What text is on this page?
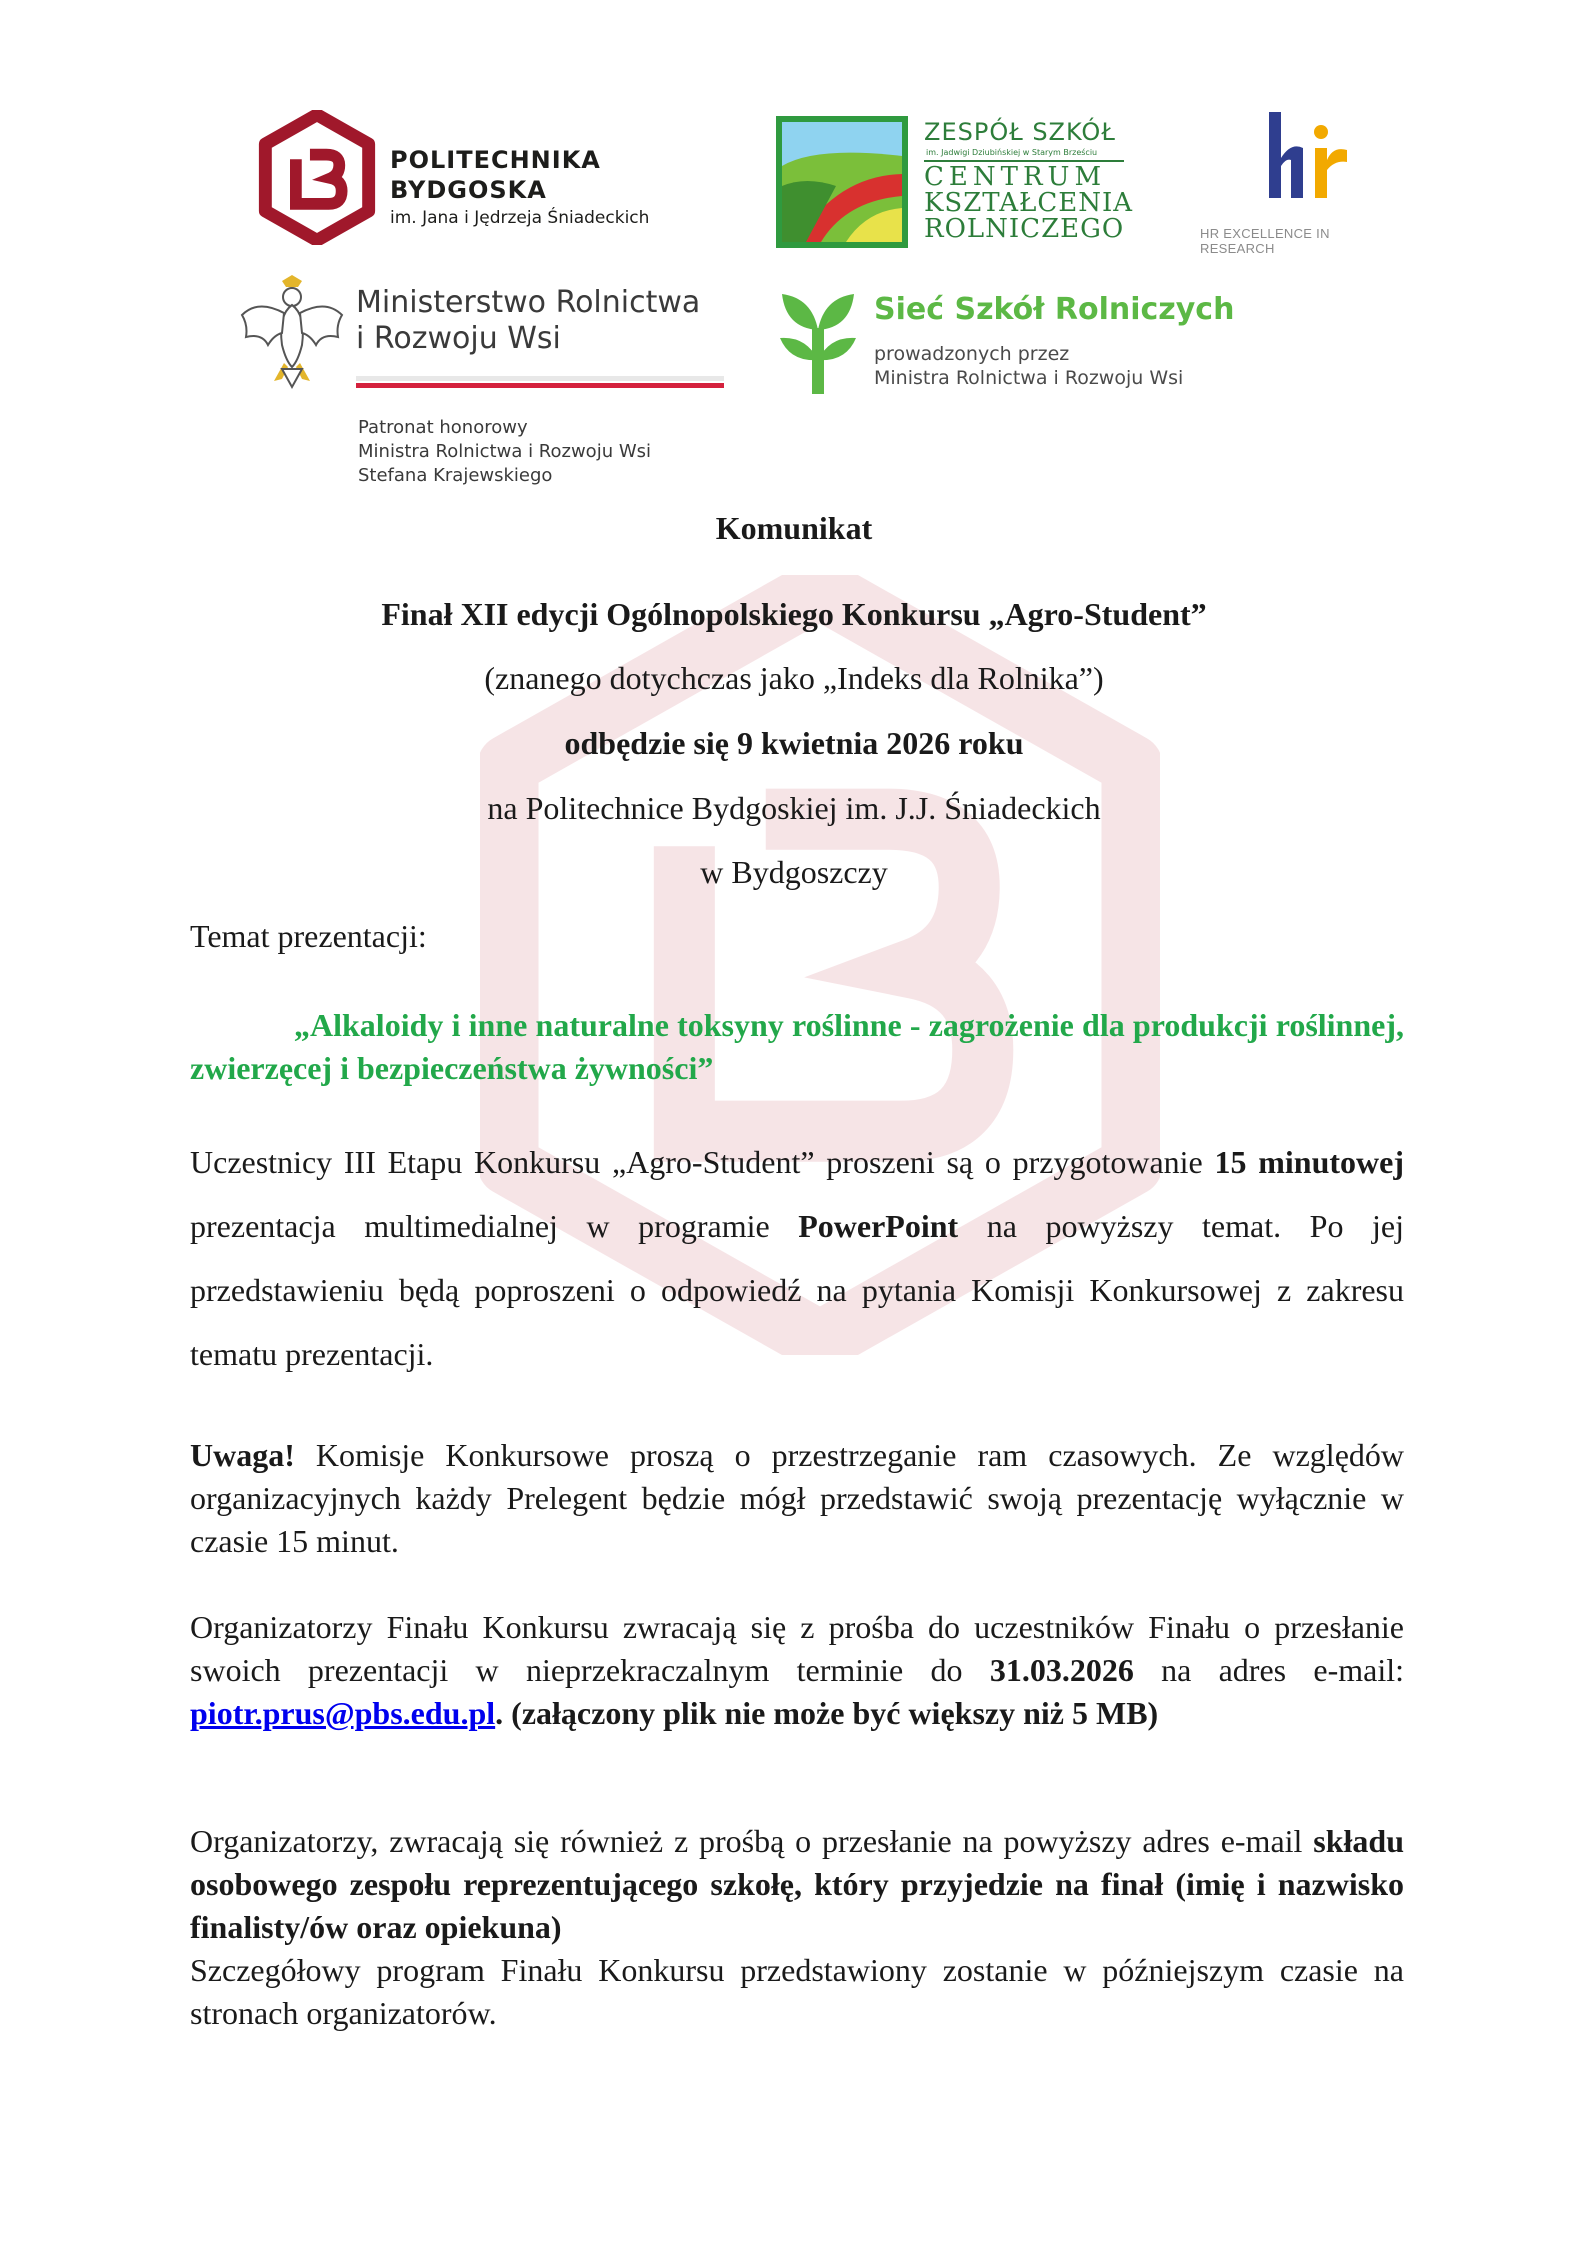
POLITECHNIKA
BYDGOSKA
im. Jana i Jędrzeja Śniadeckich
ZESPÓŁ SZKÓŁ
im. Jadwigi Dziubińskiej w Starym Brześciu
CENTRUM
KSZTAŁCENIA
ROLNICZEGO	HR EXCELLENCE IN RESEARCH
Ministerstwo Rolnictwa
i Rozwoju Wsi
Sieć Szkół Rolniczych
prowadzonych przez
Ministra Rolnictwa i Rozwoju Wsi
Patronat honorowy
Ministra Rolnictwa i Rozwoju Wsi
Stefana Krajewskiego
Komunikat
Finał XII edycji Ogólnopolskiego Konkursu „Agro-Student”
(znanego dotychczas jako „Indeks dla Rolnika”)
odbędzie się 9 kwietnia 2026 roku
na Politechnice Bydgoskiej im. J.J. Śniadeckich
w Bydgoszczy
Temat prezentacji:
„Alkaloidy i inne naturalne toksyny roślinne - zagrożenie dla produkcji roślinnej, zwierzęcej i bezpieczeństwa żywności”
Uczestnicy III Etapu Konkursu „Agro-Student” proszeni są o przygotowanie 15 minutowej prezentacja multimedialnej w programie PowerPoint na powyższy temat. Po jej przedstawieniu będą poproszeni o odpowiedź na pytania Komisji Konkursowej z zakresu tematu prezentacji.
Uwaga! Komisje Konkursowe proszą o przestrzeganie ram czasowych. Ze względów organizacyjnych każdy Prelegent będzie mógł przedstawić swoją prezentację wyłącznie w czasie 15 minut.
Organizatorzy Finału Konkursu zwracają się z prośba do uczestników Finału o przesłanie swoich prezentacji w nieprzekraczalnym terminie do 31.03.2026 na adres e-mail: piotr.prus@pbs.edu.pl. (załączony plik nie może być większy niż 5 MB)
Organizatorzy, zwracają się również z prośbą o przesłanie na powyższy adres e-mail składu osobowego zespołu reprezentującego szkołę, który przyjedzie na finał (imię i nazwisko finalisty/ów oraz opiekuna)
Szczegółowy program Finału Konkursu przedstawiony zostanie w późniejszym czasie na stronach organizatorów.
